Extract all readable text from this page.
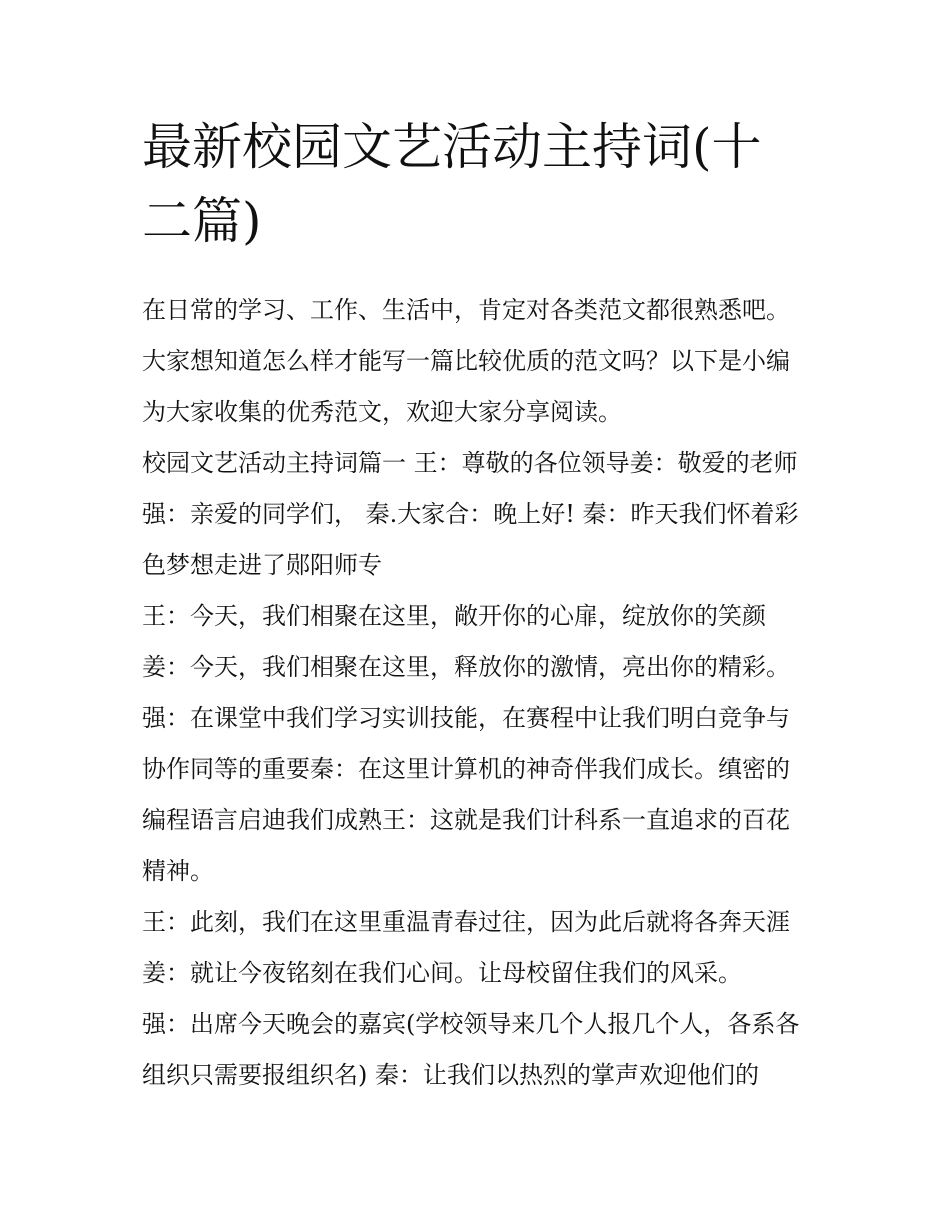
最新校园文艺活动主持词(十二篇)

在日常的学习、工作、生活中，肯定对各类范文都很熟悉吧。大家想知道怎么样才能写一篇比较优质的范文吗？以下是小编为大家收集的优秀范文，欢迎大家分享阅读。

校园文艺活动主持词篇一 王：尊敬的各位领导姜：敬爱的老师强：亲爱的同学们， 秦.大家合：晚上好! 秦：昨天我们怀着彩色梦想走进了郧阳师专

王：今天，我们相聚在这里，敞开你的心扉，绽放你的笑颜

姜：今天，我们相聚在这里，释放你的激情，亮出你的精彩。

强：在课堂中我们学习实训技能，在赛程中让我们明白竞争与协作同等的重要秦：在这里计算机的神奇伴我们成长。缜密的编程语言启迪我们成熟王：这就是我们计科系一直追求的百花精神。

王：此刻，我们在这里重温青春过往，因为此后就将各奔天涯

姜：就让今夜铭刻在我们心间。让母校留住我们的风采。

强：出席今天晚会的嘉宾(学校领导来几个人报几个人，各系各组织只需要报组织名) 秦：让我们以热烈的掌声欢迎他们的
